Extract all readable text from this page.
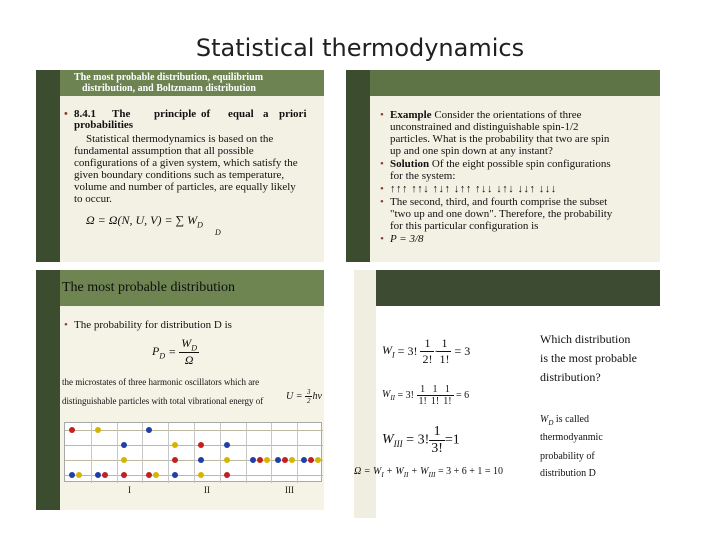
Statistical thermodynamics
The most probable distribution, equilibrium
distribution, and Boltzmann distribution
• 8.4.1 The principle of equal a priori
probabilities
Statistical thermodynamics is based on the
fundamental assumption that all possible
configurations of a given system, which satisfy the
given boundary conditions such as temperature,
volume and number of particles, are equally likely
to occur.
Ω = Ω(N, U, V) = ∑ $W_D$
D
• Example Consider the orientations of three
unconstrained and distinguishable spin-1/2
particles. What is the probability that two are spin
up and one spin down at any instant?
• Solution Of the eight possible spin configurations
for the system:
• ↑↑↑ ↑↑↓ ↑↓↑ ↓↑↑ ↑↓↓ ↓↑↓ ↓↓↑ ↓↓↓
• The second, third, and fourth comprise the subset
"two up and one down". Therefore, the probability
for this particular configuration is
• P = 3/8
The most probable distribution
• The probability for distribution D is
$P_D = \frac{W_D}{\Omega}$
the microstates of three harmonic oscillators which are
distinguishable particles with total vibrational energy of $U = \frac{3}{2}$ hν
I	II	III
$W_I = 3$! $\frac{1}{2!} \cdot \frac{1}{1!} = 3$
$W_{II} = 3$! $\frac{1}{1!} \frac{1}{1!} \frac{1}{1!} = 6$
$W_{III} = 3$! $\frac{1}{3!} =1$
$\Omega = W_I + W_{II} + W_{III} = 3 + 6 + 1 = 10$
Which distribution
is the most probable
distribution?
$W_D$ is called
thermodyanmic
probability of
distribution D
